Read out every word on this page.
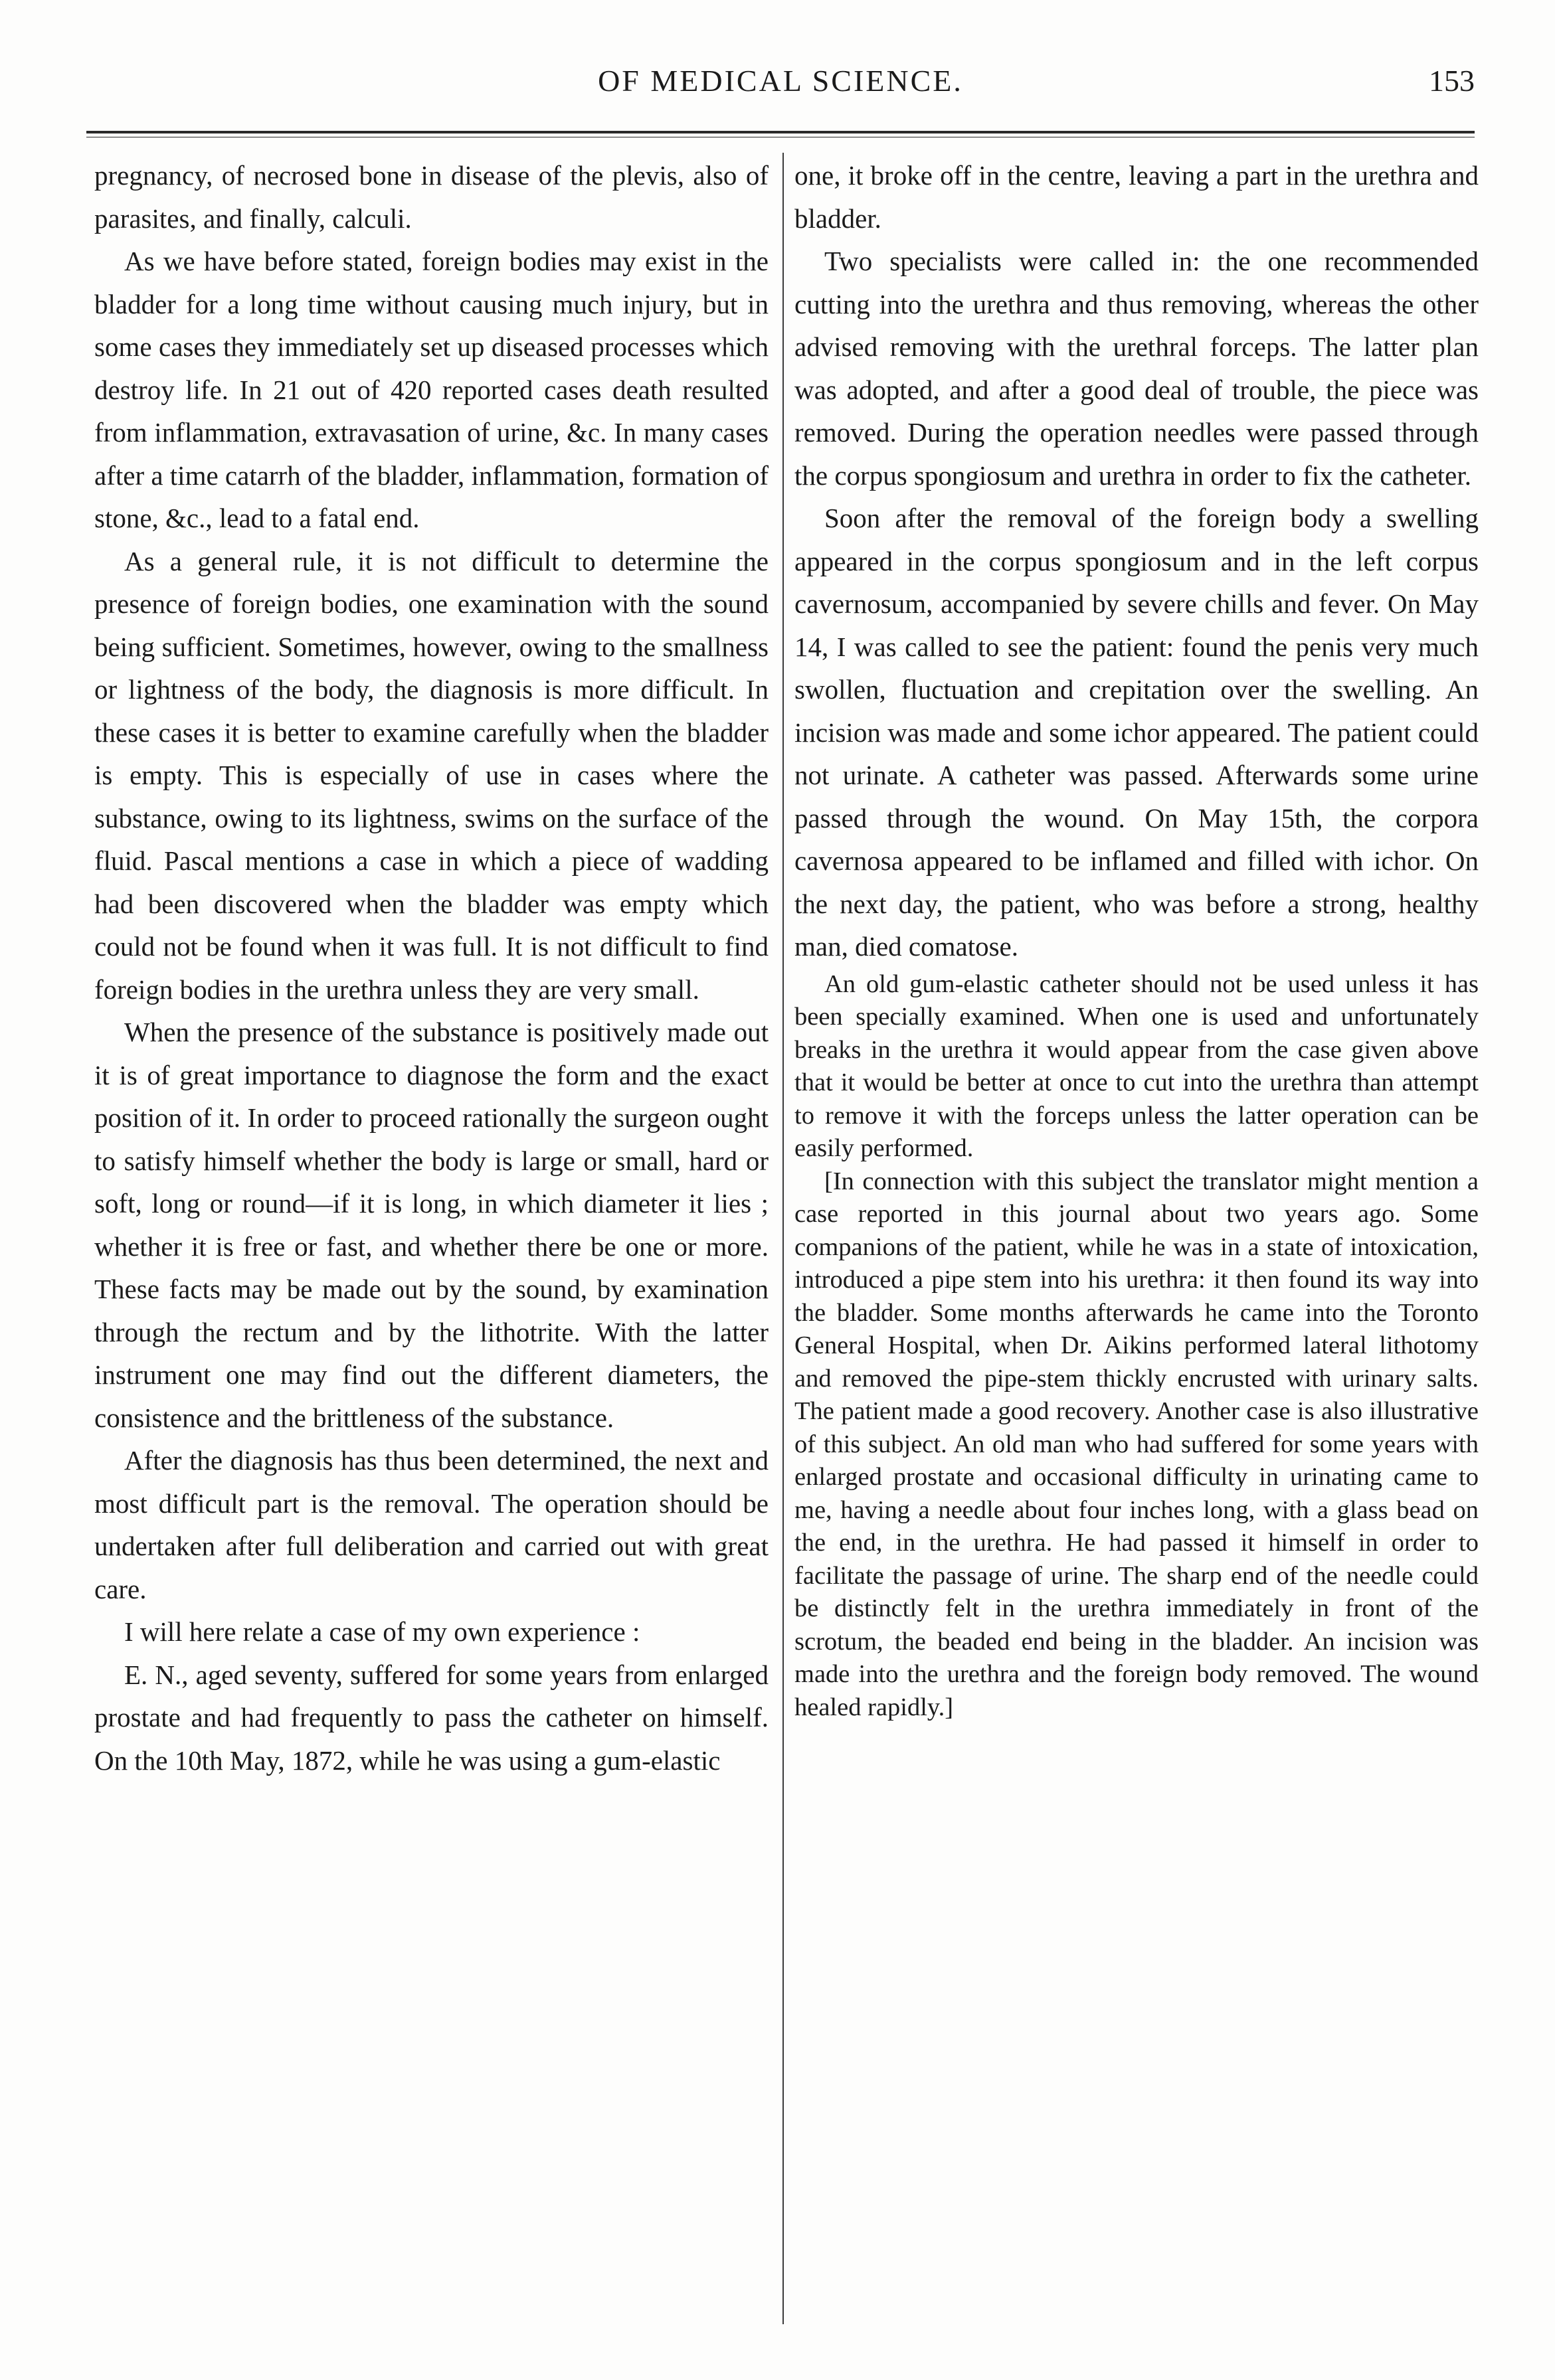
OF MEDICAL SCIENCE.	153

pregnancy, of necrosed bone in disease of the plevis, also of parasites, and finally, calculi.

As we have before stated, foreign bodies may exist in the bladder for a long time without causing much injury, but in some cases they immediately set up diseased processes which destroy life. In 21 out of 420 reported cases death resulted from inflammation, extravasation of urine, &c. In many cases after a time catarrh of the bladder, inflammation, formation of stone, &c., lead to a fatal end.

As a general rule, it is not difficult to determine the presence of foreign bodies, one examination with the sound being sufficient. Sometimes, however, owing to the smallness or lightness of the body, the diagnosis is more difficult. In these cases it is better to examine carefully when the bladder is empty. This is especially of use in cases where the substance, owing to its lightness, swims on the surface of the fluid. Pascal mentions a case in which a piece of wadding had been discovered when the bladder was empty which could not be found when it was full. It is not difficult to find foreign bodies in the urethra unless they are very small.

When the presence of the substance is positively made out it is of great importance to diagnose the form and the exact position of it. In order to proceed rationally the surgeon ought to satisfy himself whether the body is large or small, hard or soft, long or round—if it is long, in which diameter it lies ; whether it is free or fast, and whether there be one or more. These facts may be made out by the sound, by examination through the rectum and by the lithotrite. With the latter instrument one may find out the different diameters, the consistence and the brittleness of the substance.

After the diagnosis has thus been determined, the next and most difficult part is the removal. The operation should be undertaken after full deliberation and carried out with great care.

I will here relate a case of my own experience :

E. N., aged seventy, suffered for some years from enlarged prostate and had frequently to pass the catheter on himself. On the 10th May, 1872, while he was using a gum-elastic

one, it broke off in the centre, leaving a part in the urethra and bladder.

Two specialists were called in: the one recommended cutting into the urethra and thus removing, whereas the other advised removing with the urethral forceps. The latter plan was adopted, and after a good deal of trouble, the piece was removed. During the operation needles were passed through the corpus spongiosum and urethra in order to fix the catheter.

Soon after the removal of the foreign body a swelling appeared in the corpus spongiosum and in the left corpus cavernosum, accompanied by severe chills and fever. On May 14, I was called to see the patient: found the penis very much swollen, fluctuation and crepitation over the swelling. An incision was made and some ichor appeared. The patient could not urinate. A catheter was passed. Afterwards some urine passed through the wound. On May 15th, the corpora cavernosa appeared to be inflamed and filled with ichor. On the next day, the patient, who was before a strong, healthy man, died comatose.

An old gum-elastic catheter should not be used unless it has been specially examined. When one is used and unfortunately breaks in the urethra it would appear from the case given above that it would be better at once to cut into the urethra than attempt to remove it with the forceps unless the latter operation can be easily performed.

[In connection with this subject the translator might mention a case reported in this journal about two years ago. Some companions of the patient, while he was in a state of intoxication, introduced a pipe stem into his urethra: it then found its way into the bladder. Some months afterwards he came into the Toronto General Hospital, when Dr. Aikins performed lateral lithotomy and removed the pipe-stem thickly encrusted with urinary salts. The patient made a good recovery. Another case is also illustrative of this subject. An old man who had suffered for some years with enlarged prostate and occasional difficulty in urinating came to me, having a needle about four inches long, with a glass bead on the end, in the urethra. He had passed it himself in order to facilitate the passage of urine. The sharp end of the needle could be distinctly felt in the urethra immediately in front of the scrotum, the beaded end being in the bladder. An incision was made into the urethra and the foreign body removed. The wound healed rapidly.]
